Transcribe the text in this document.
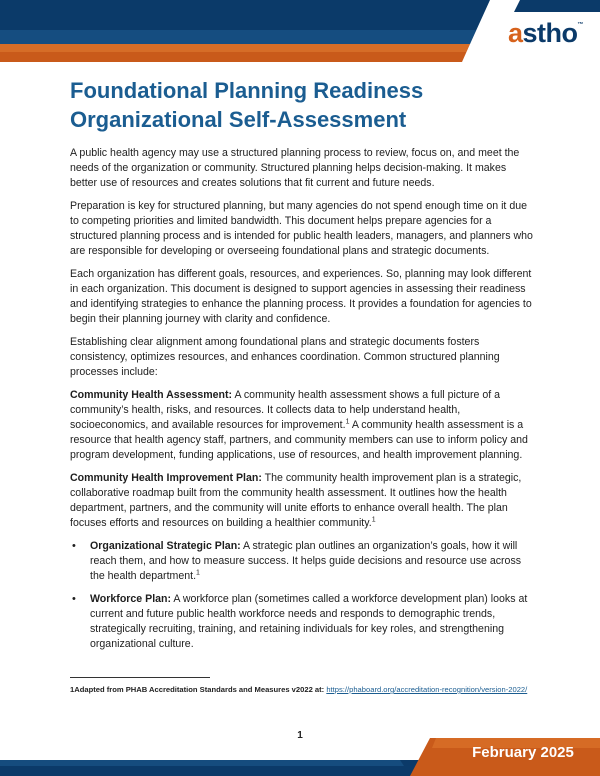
astho™
Foundational Planning Readiness
Organizational Self-Assessment

A public health agency may use a structured planning process to review, focus on, and meet the needs of the organization or community. Structured planning helps decision-making. It makes better use of resources and creates solutions that fit current and future needs.

Preparation is key for structured planning, but many agencies do not spend enough time on it due to competing priorities and limited bandwidth. This document helps prepare agencies for a structured planning process and is intended for public health leaders, managers, and planners who are responsible for developing or overseeing foundational plans and strategic documents.

Each organization has different goals, resources, and experiences. So, planning may look different in each organization. This document is designed to support agencies in assessing their readiness and identifying strategies to enhance the planning process. It provides a foundation for agencies to begin their planning journey with clarity and confidence.

Establishing clear alignment among foundational plans and strategic documents fosters consistency, optimizes resources, and enhances coordination. Common structured planning processes include:

Community Health Assessment: A community health assessment shows a full picture of a community’s health, risks, and resources. It collects data to help understand health, socioeconomics, and available resources for improvement.$^1$ A community health assessment is a resource that health agency staff, partners, and community members can use to inform policy and program development, funding applications, use of resources, and health improvement planning.

Community Health Improvement Plan: The community health improvement plan is a strategic, collaborative roadmap built from the community health assessment. It outlines how the health department, partners, and the community will unite efforts to enhance overall health. The plan focuses efforts and resources on building a healthier community.$^1$

• Organizational Strategic Plan: A strategic plan outlines an organization’s goals, how it will reach them, and how to measure success. It helps guide decisions and resource use across the health department.$^1$
• Workforce Plan: A workforce plan (sometimes called a workforce development plan) looks at current and future public health workforce needs and responds to demographic trends, strategically recruiting, training, and retaining individuals for key roles, and strengthening organizational culture.
1Adapted from PHAB Accreditation Standards and Measures v2022 at: https://phaboard.org/accreditation-recognition/version-2022/
1
February 2025
